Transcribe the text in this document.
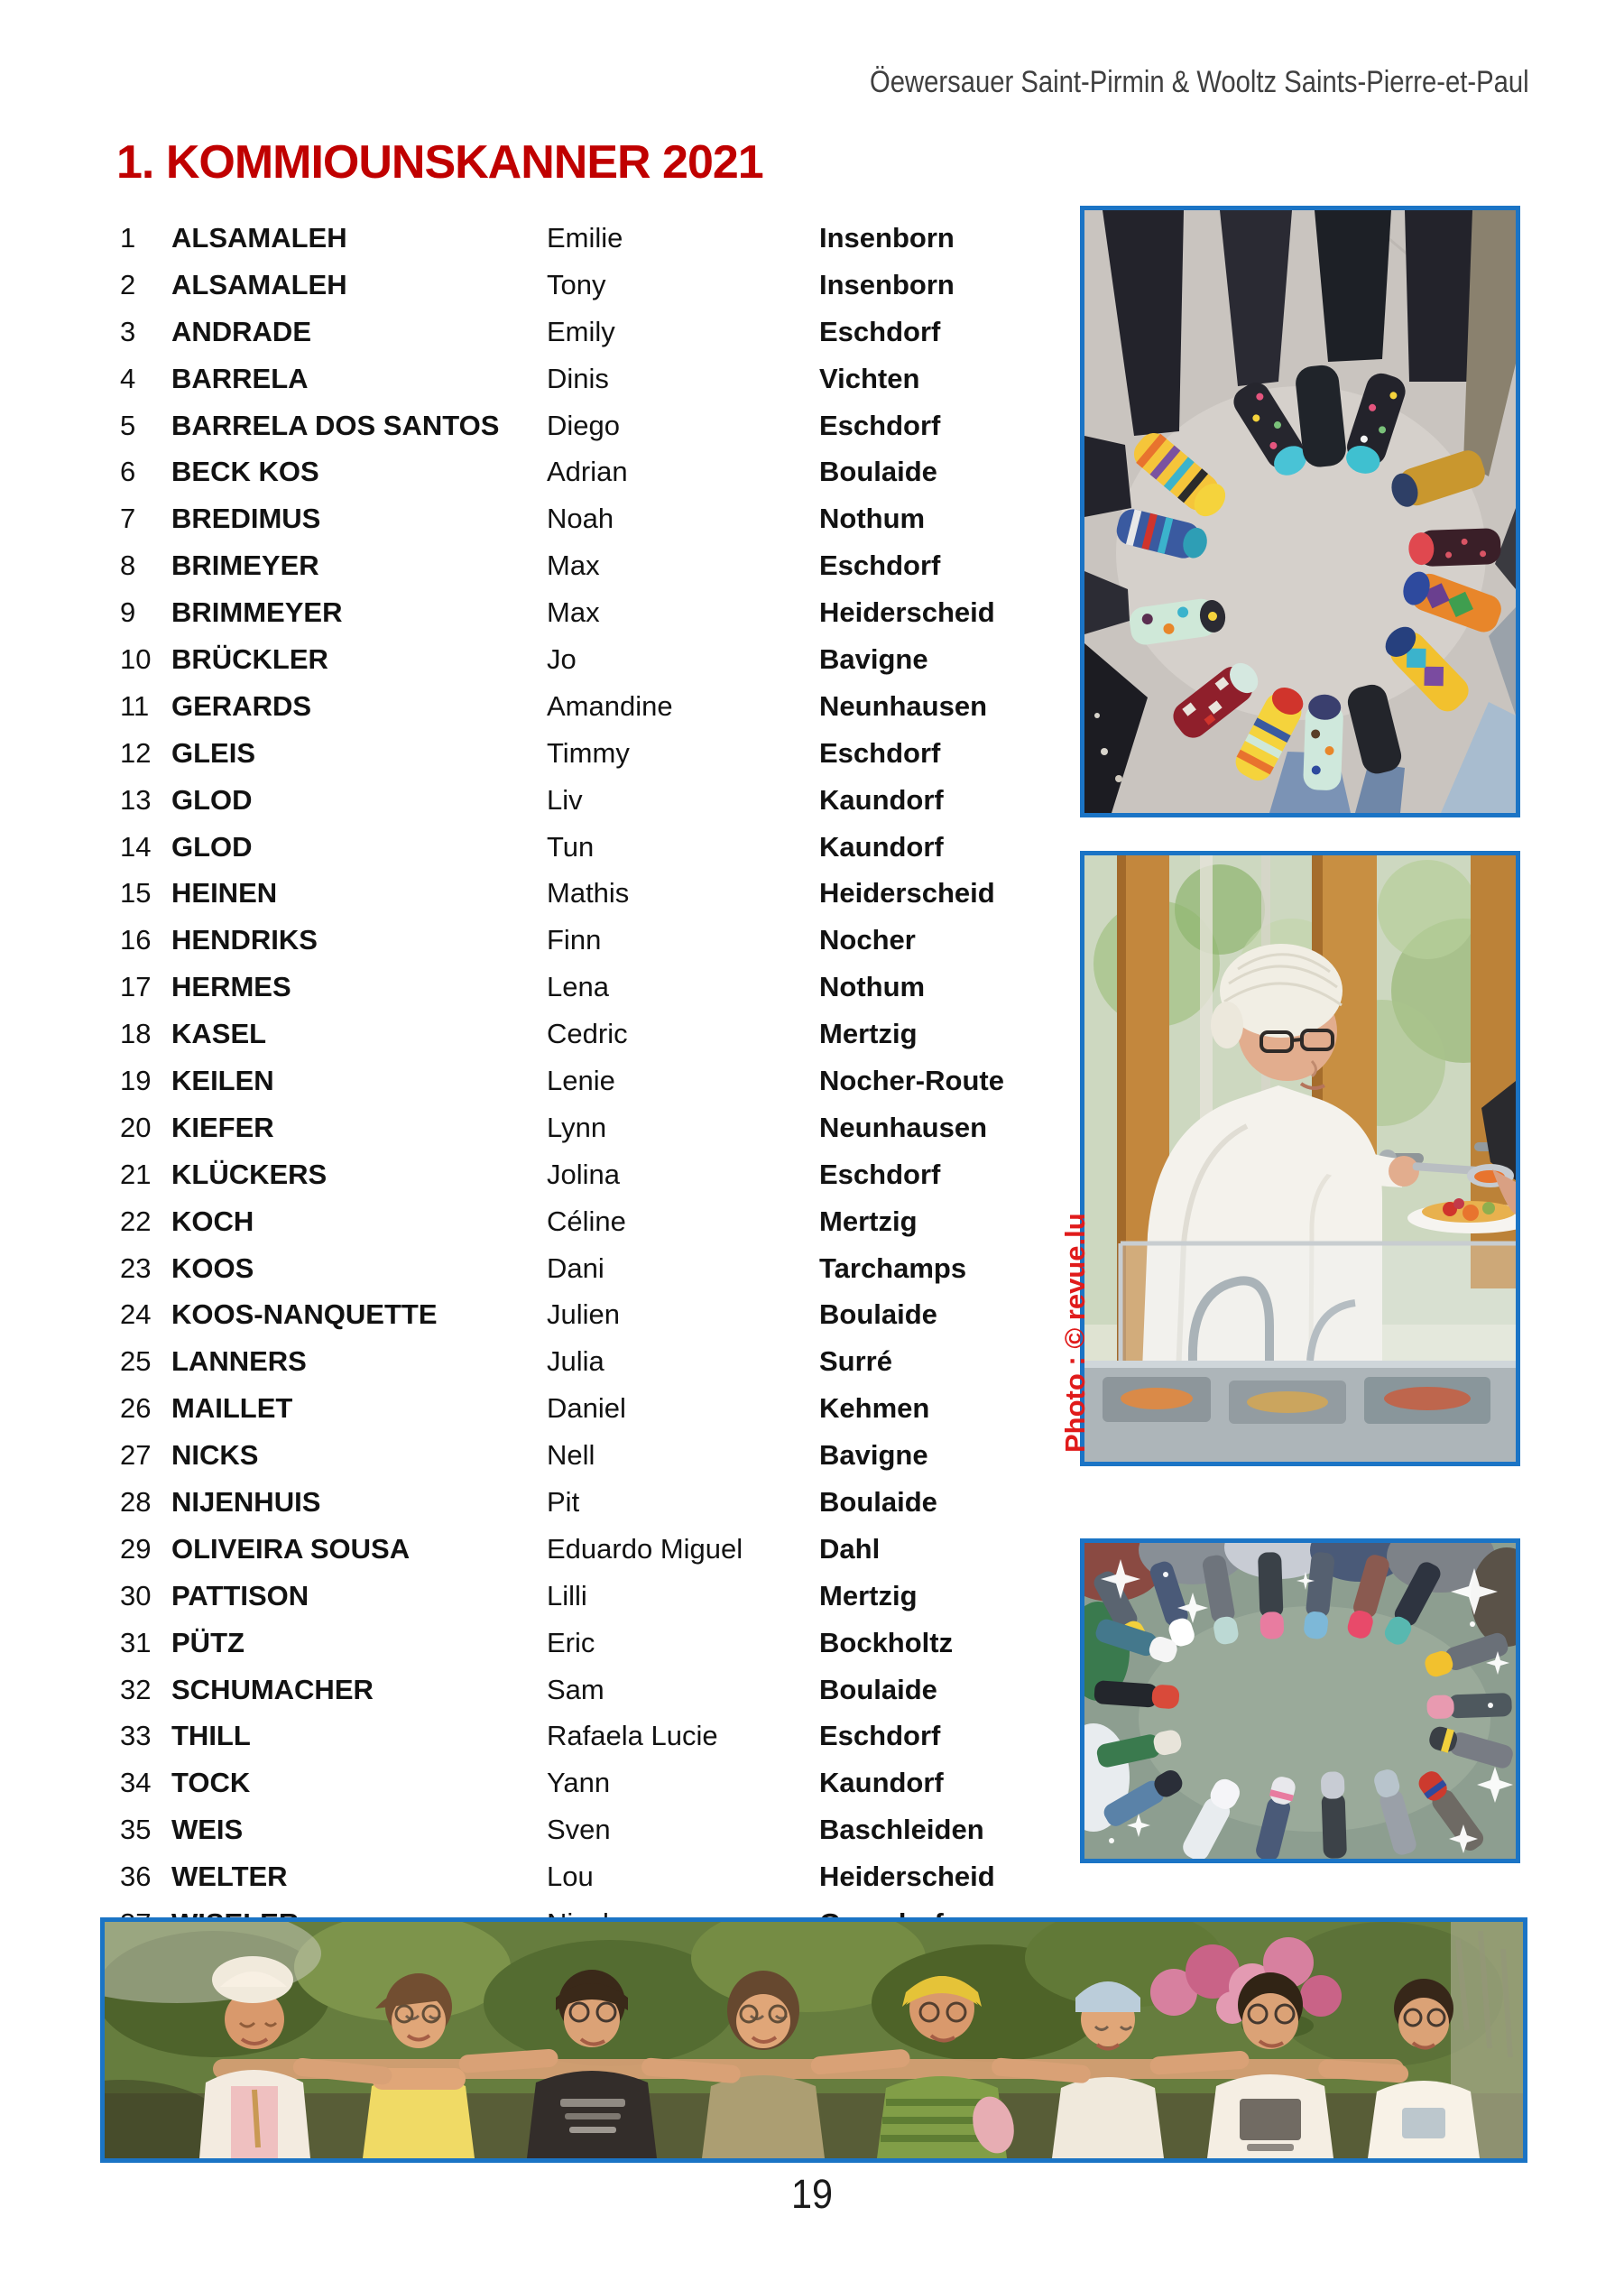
Öewersauer Saint-Pirmin & Wooltz Saints-Pierre-et-Paul
1. KOMMIOUNSKANNER 2021
1	ALSAMALEH	Emilie	Insenborn
2	ALSAMALEH	Tony	Insenborn
3	ANDRADE	Emily	Eschdorf
4	BARRELA	Dinis	Vichten
5	BARRELA DOS SANTOS	Diego	Eschdorf
6	BECK KOS	Adrian	Boulaide
7	BREDIMUS	Noah	Nothum
8	BRIMEYER	Max	Eschdorf
9	BRIMMEYER	Max	Heiderscheid
10 BRÜCKLER	Jo	Bavigne
11 GERARDS	Amandine	Neunhausen
12 GLEIS	Timmy	Eschdorf
13 GLOD	Liv	Kaundorf
14 GLOD	Tun	Kaundorf
15 HEINEN	Mathis	Heiderscheid
16 HENDRIKS	Finn	Nocher
17 HERMES	Lena	Nothum
18 KASEL	Cedric	Mertzig
19 KEILEN	Lenie	Nocher-Route
20 KIEFER	Lynn	Neunhausen
21 KLÜCKERS	Jolina	Eschdorf
22 KOCH	Céline	Mertzig
23 KOOS	Dani	Tarchamps
24 KOOS-NANQUETTE	Julien	Boulaide
25 LANNERS	Julia	Surré
26 MAILLET	Daniel	Kehmen
27 NICKS	Nell	Bavigne
28 NIJENHUIS	Pit	Boulaide
29 OLIVEIRA SOUSA	Eduardo Miguel	Dahl
30 PATTISON	Lilli	Mertzig
31 PÜTZ	Eric	Bockholtz
32 SCHUMACHER	Sam	Boulaide
33 THILL	Rafaela Lucie	Eschdorf
34 TOCK	Yann	Kaundorf
35 WEIS	Sven	Baschleiden
36 WELTER	Lou	Heiderscheid
Photo : © revue.lu
19
